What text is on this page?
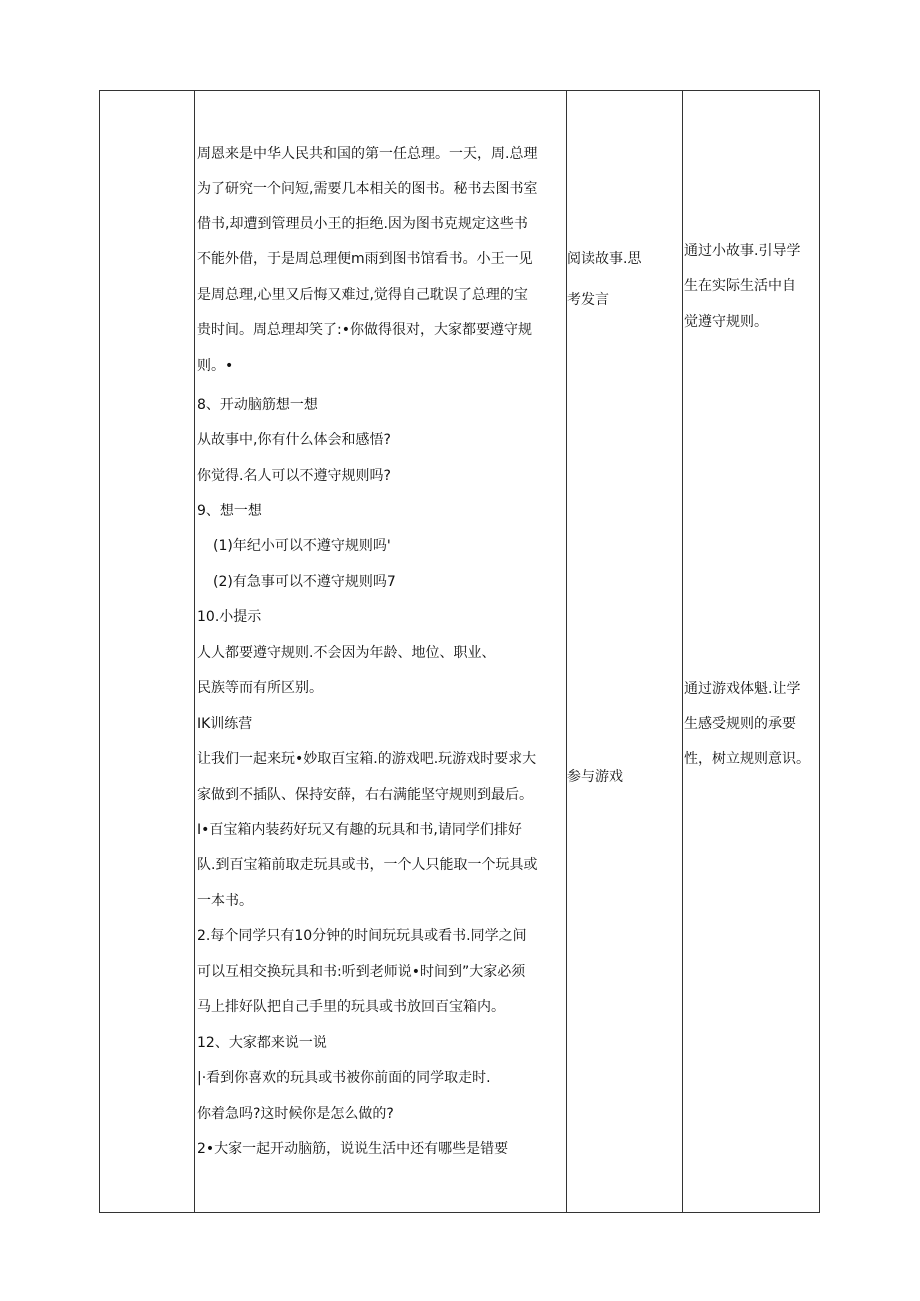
周恩来是中华人民共和国的第一任总理。一天，周.总理
为了研究一个问短,需要几本相关的图书。秘书去图书室
借书,却遭到管理员小王的拒绝.因为图书克规定这些书
不能外借，于是周总理便m雨到图书馆看书。小王一见
是周总理,心里又后悔又难过,觉得自己耽误了总理的宝
贵时间。周总理却笑了:•你做得很对，大家都要遵守规
则。•
8、开动脑筋想一想
从故事中,你有什么体会和感悟?
你觉得.名人可以不遵守规则吗?
9、想一想
(1)年纪小可以不遵守规则吗'
(2)有急事可以不遵守规则吗7
10.小提示
人人都要遵守规则.不会因为年龄、地位、职业、
民族等而有所区别。
IK训练营
让我们一起来玩•妙取百宝箱.的游戏吧.玩游戏时要求大
家做到不插队、保持安薛，右右满能坚守规则到最后。
I•百宝箱内装药好玩又有趣的玩具和书,请同学们排好
队.到百宝箱前取走玩具或书，一个人只能取一个玩具或
一本书。
2.每个同学只有10分钟的时间玩玩具或看书.同学之间
可以互相交换玩具和书:听到老师说•时间到”大家必须
马上排好队把自己手里的玩具或书放回百宝箱内。
12、大家都来说一说
|·看到你喜欢的玩具或书被你前面的同学取走时.
你着急吗?这时候你是怎么做的?
2•大家一起开动脑筋，说说生活中还有哪些是错要
阅读故事.思
考发言
参与游戏
通过小故事.引导学
生在实际生活中自
觉遵守规则。
通过游戏体魁.让学
生感受规则的承要
性，树立规则意识。
